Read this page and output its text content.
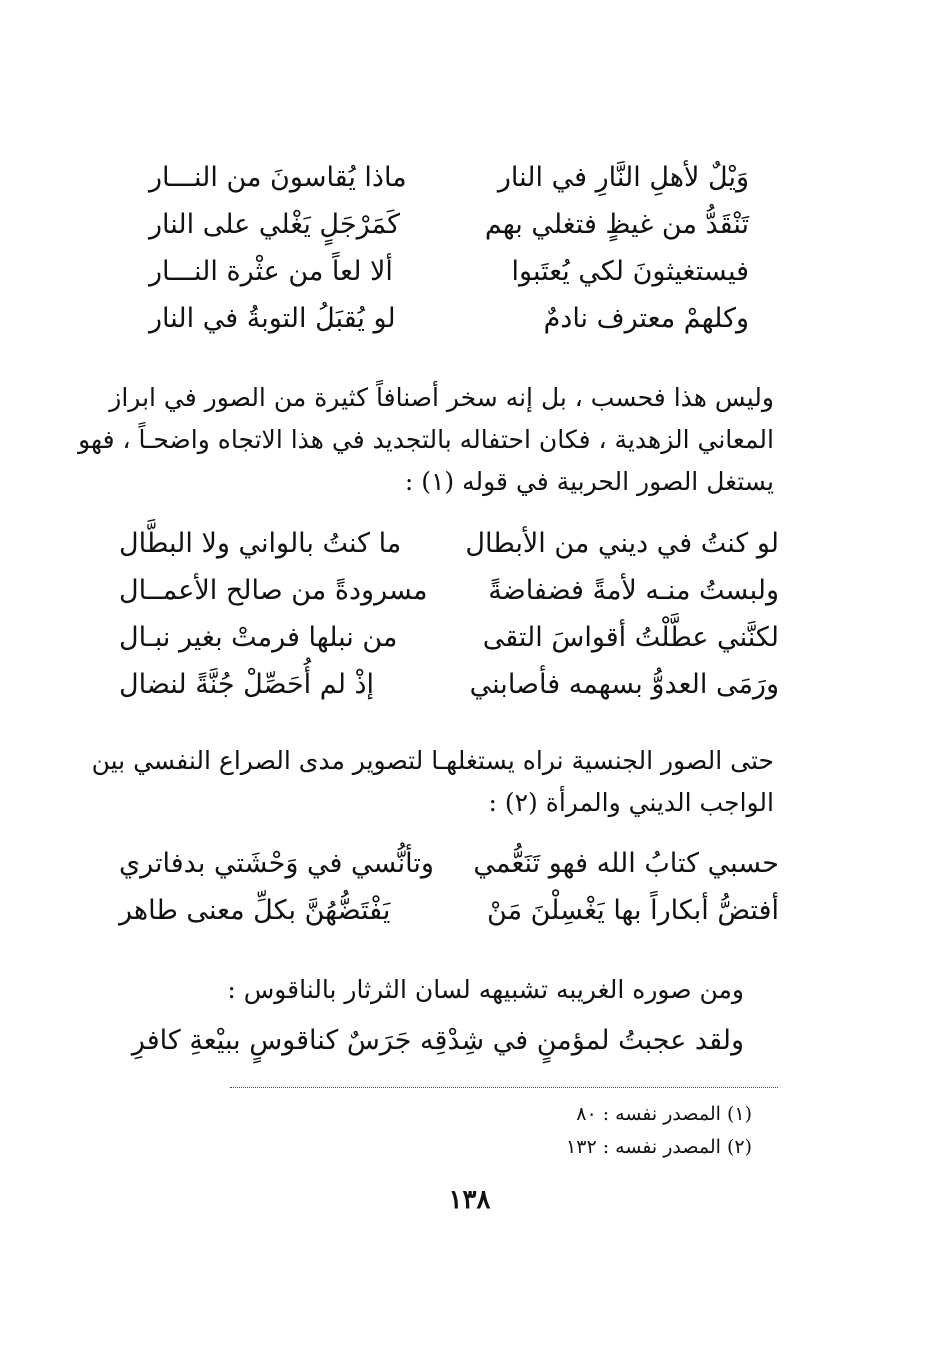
وَيْلٌ لأهلِ النَّارِ في النار
ماذا يُقاسونَ من النـــار
تَنْقَدُّ من غيظٍ فتغلي بهم
كَمَرْجَلٍ يَغْلي على النار
فيستغيثونَ لكي يُعتَبوا
ألا لعاً من عثْرة النـــار
وكلهمْ معترف نادمٌ
لو يُقبَلُ التوبةُ في النار
وليس هذا فحسب ، بل إنه سخر أصنافاً كثيرة من الصور في ابراز
المعاني الزهدية ، فكان احتفاله بالتجديد في هذا الاتجاه واضحـاً ، فهو
يستغل الصور الحربية في قوله (١) :
لو كنتُ في ديني من الأبطال
ما كنتُ بالواني ولا البطَّال
ولبستُ منـه لأمةً فضفاضةً
مسرودةً من صالح الأعمــال
لكنَّني عطَّلْتُ أقواسَ التقى
من نبلها فرمتْ بغير نبـال
ورَمَى العدوُّ بسهمه فأصابني
إذْ لم أُحَصِّلْ جُنَّةً لنضال
حتى الصور الجنسية نراه يستغلهـا لتصوير مدى الصراع النفسي بين
الواجب الديني والمرأة (٢) :
حسبي كتابُ الله فهو تَنَعُّمي
وتأنُّسي في وَحْشَتي بدفاتري
أفتضُّ أبكاراً بها يَغْسِلْنَ مَنْ
يَفْتَضُّهُنَّ بكلِّ معنى طاهر
ومن صوره الغريبه تشبيهه لسان الثرثار بالناقوس :
ولقد عجبتُ لمؤمنٍ في شِدْقِه جَرَسٌ كناقوسٍ ببيْعةِ كافرِ
(١) المصدر نفسه : ٨٠
(٢) المصدر نفسه : ١٣٢
١٣٨
